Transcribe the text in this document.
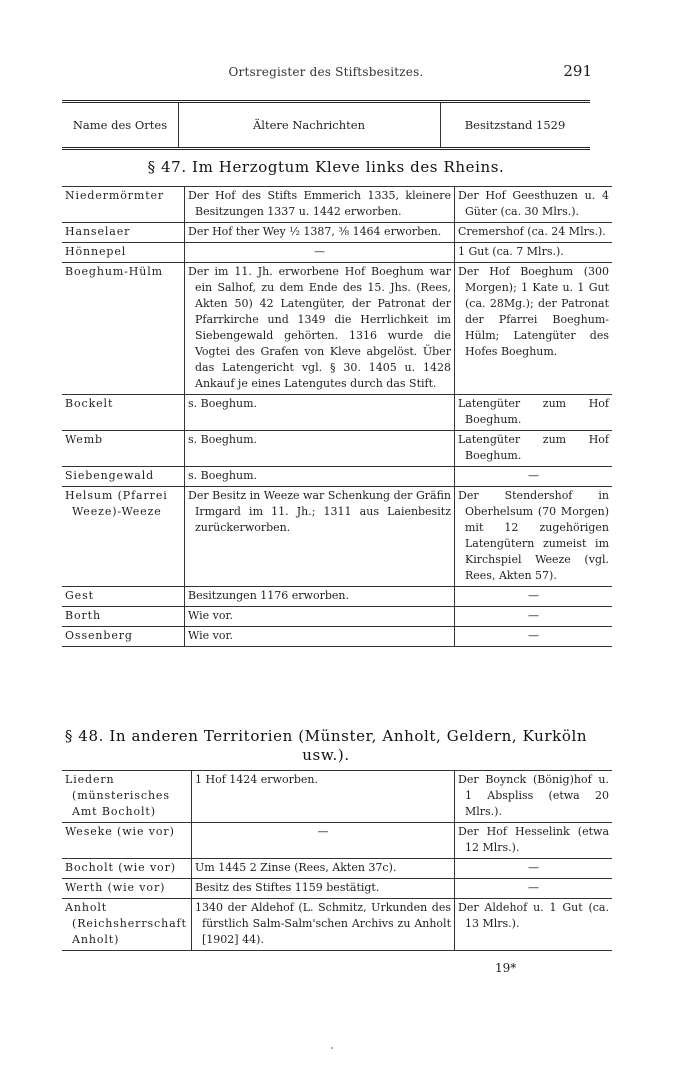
Ortsregister des Stiftsbesitzes.	291
Name des Ortes	Ältere Nachrichten	Besitzstand 1529
§ 47. Im Herzogtum Kleve links des Rheins.
Niedermörmter	Der Hof des Stifts Emmerich 1335, kleinere Besitzungen 1337 u. 1442 erworben.	Der Hof Geesthuzen u. 4 Güter (ca. 30 Mlrs.).
Hanselaer	Der Hof ther Wey ½ 1387, ³⁄₈ 1464 erworben.	Cremershof (ca. 24 Mlrs.).
Hönnepel	—	1 Gut (ca. 7 Mlrs.).
Boeghum-Hülm	Der im 11. Jh. erworbene Hof Boeghum war ein Salhof, zu dem Ende des 15. Jhs. (Rees, Akten 50) 42 Latengüter, der Patronat der Pfarrkirche und 1349 die Herrlichkeit im Siebengewald gehörten. 1316 wurde die Vogtei des Grafen von Kleve abgelöst. Über das Latengericht vgl. § 30. 1405 u. 1428 Ankauf je eines Latengutes durch das Stift.	Der Hof Boeghum (300 Morgen); 1 Kate u. 1 Gut (ca. 28Mg.); der Patronat der Pfarrei Boeghum-Hülm; Latengüter des Hofes Boeghum.
Bockelt	s. Boeghum.	Latengüter zum Hof Boeghum.
Wemb	s. Boeghum.	Latengüter zum Hof Boeghum.
Siebengewald	s. Boeghum.	—
Helsum (Pfarrei Weeze)-Weeze	Der Besitz in Weeze war Schenkung der Gräfin Irmgard im 11. Jh.; 1311 aus Laienbesitz zurückerworben.	Der Stendershof in Oberhelsum (70 Morgen) mit 12 zugehörigen Latengütern zumeist im Kirchspiel Weeze (vgl. Rees, Akten 57).
Gest	Besitzungen 1176 erworben.	—
Borth	Wie vor.	—
Ossenberg	Wie vor.	—
§ 48. In anderen Territorien (Münster, Anholt, Geldern, Kurköln
usw.).
Liedern (münsterisches Amt Bocholt)	1 Hof 1424 erworben.	Der Boynck (Bönig)hof u. 1 Abspliss (etwa 20 Mlrs.).
Weseke (wie vor)	—	Der Hof Hesselink (etwa 12 Mlrs.).
Bocholt (wie vor)	Um 1445 2 Zinse (Rees, Akten 37c).	—
Werth (wie vor)	Besitz des Stiftes 1159 bestätigt.	—
Anholt (Reichsherrschaft Anholt)	1340 der Aldehof (L. Schmitz, Urkunden des fürstlich Salm-Salm'schen Archivs zu Anholt [1902] 44).	Der Aldehof u. 1 Gut (ca. 13 Mlrs.).
19*
